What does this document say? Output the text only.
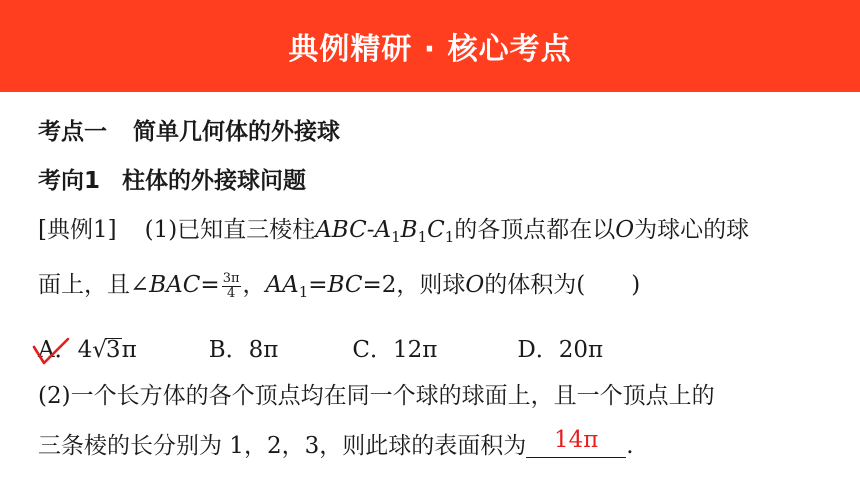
典例精研 · 核心考点
考点一 简单几何体的外接球
考向1 柱体的外接球问题
[典例1] (1)已知直三棱柱ABC-$A_1B_1C_1$的各顶点都在以O为球心的球
面上，且∠BAC= $\frac{3\pi}{4}$ ，$AA_1=BC=2$，则球O的体积为(　　)
A．4√3π	B．8π	C．12π	D．20π
(2)一个长方体的各个顶点均在同一个球的球面上，且一个顶点上的
三条棱的长分别为 1，2，3，则此球的表面积为 14π .
